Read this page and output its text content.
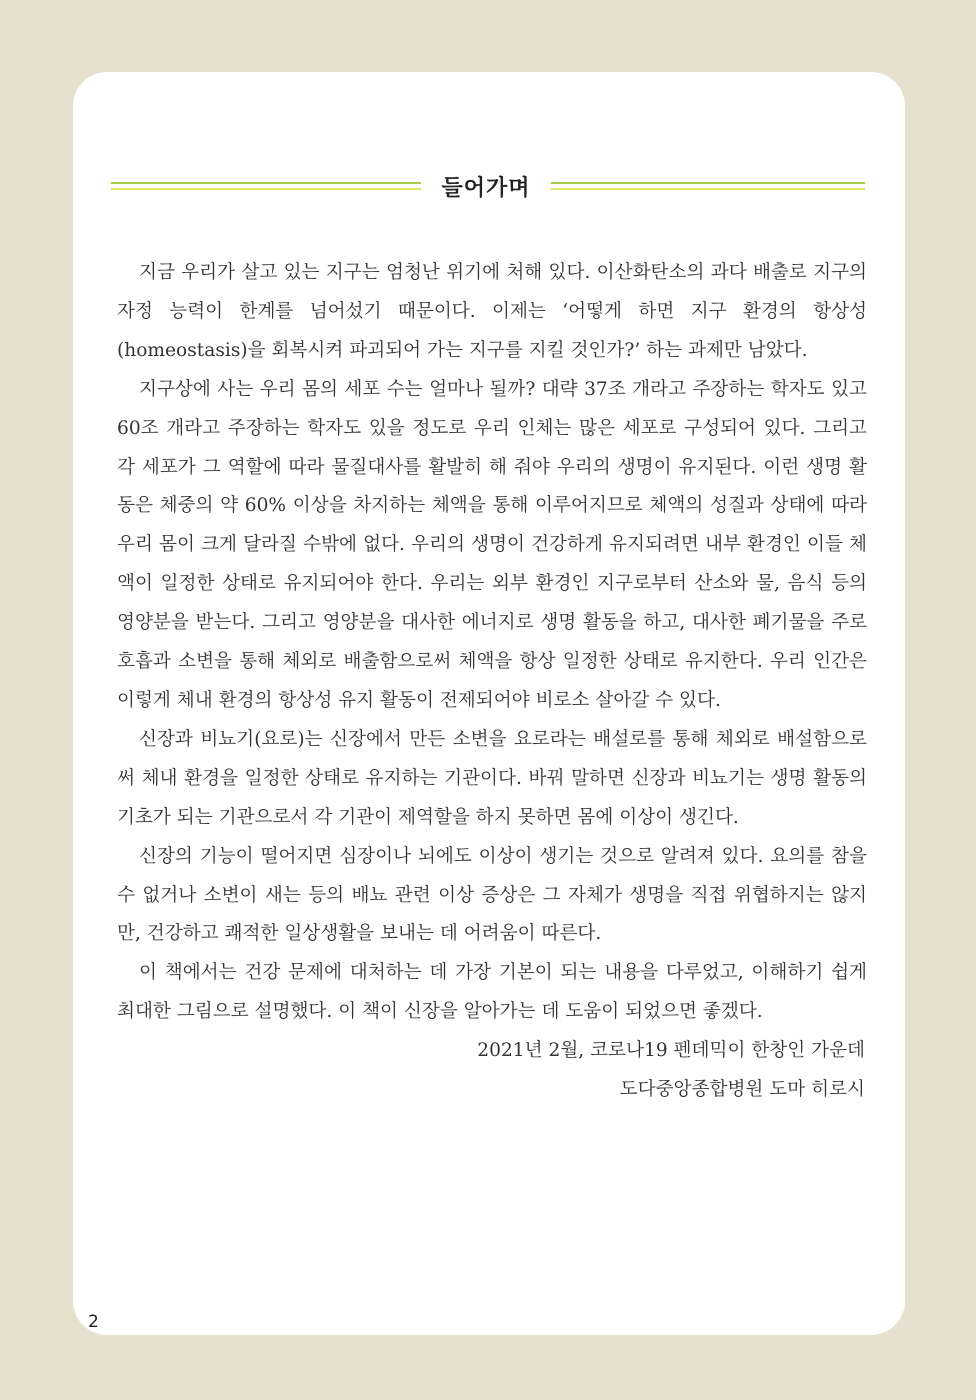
들어가며

지금 우리가 살고 있는 지구는 엄청난 위기에 처해 있다. 이산화탄소의 과다 배출로 지구의 자정 능력이 한계를 넘어섰기 때문이다. 이제는 ‘어떻게 하면 지구 환경의 항상성(homeostasis)을 회복시켜 파괴되어 가는 지구를 지킬 것인가?’ 하는 과제만 남았다.

지구상에 사는 우리 몸의 세포 수는 얼마나 될까? 대략 37조 개라고 주장하는 학자도 있고 60조 개라고 주장하는 학자도 있을 정도로 우리 인체는 많은 세포로 구성되어 있다. 그리고 각 세포가 그 역할에 따라 물질대사를 활발히 해 줘야 우리의 생명이 유지된다. 이런 생명 활동은 체중의 약 60% 이상을 차지하는 체액을 통해 이루어지므로 체액의 성질과 상태에 따라 우리 몸이 크게 달라질 수밖에 없다. 우리의 생명이 건강하게 유지되려면 내부 환경인 이들 체액이 일정한 상태로 유지되어야 한다. 우리는 외부 환경인 지구로부터 산소와 물, 음식 등의 영양분을 받는다. 그리고 영양분을 대사한 에너지로 생명 활동을 하고, 대사한 폐기물을 주로 호흡과 소변을 통해 체외로 배출함으로써 체액을 항상 일정한 상태로 유지한다. 우리 인간은 이렇게 체내 환경의 항상성 유지 활동이 전제되어야 비로소 살아갈 수 있다.

신장과 비뇨기(요로)는 신장에서 만든 소변을 요로라는 배설로를 통해 체외로 배설함으로써 체내 환경을 일정한 상태로 유지하는 기관이다. 바꿔 말하면 신장과 비뇨기는 생명 활동의 기초가 되는 기관으로서 각 기관이 제역할을 하지 못하면 몸에 이상이 생긴다.

신장의 기능이 떨어지면 심장이나 뇌에도 이상이 생기는 것으로 알려져 있다. 요의를 참을 수 없거나 소변이 새는 등의 배뇨 관련 이상 증상은 그 자체가 생명을 직접 위협하지는 않지만, 건강하고 쾌적한 일상생활을 보내는 데 어려움이 따른다.

이 책에서는 건강 문제에 대처하는 데 가장 기본이 되는 내용을 다루었고, 이해하기 쉽게 최대한 그림으로 설명했다. 이 책이 신장을 알아가는 데 도움이 되었으면 좋겠다.

2021년 2월, 코로나19 펜데믹이 한창인 가운데
도다중앙종합병원 도마 히로시
2
